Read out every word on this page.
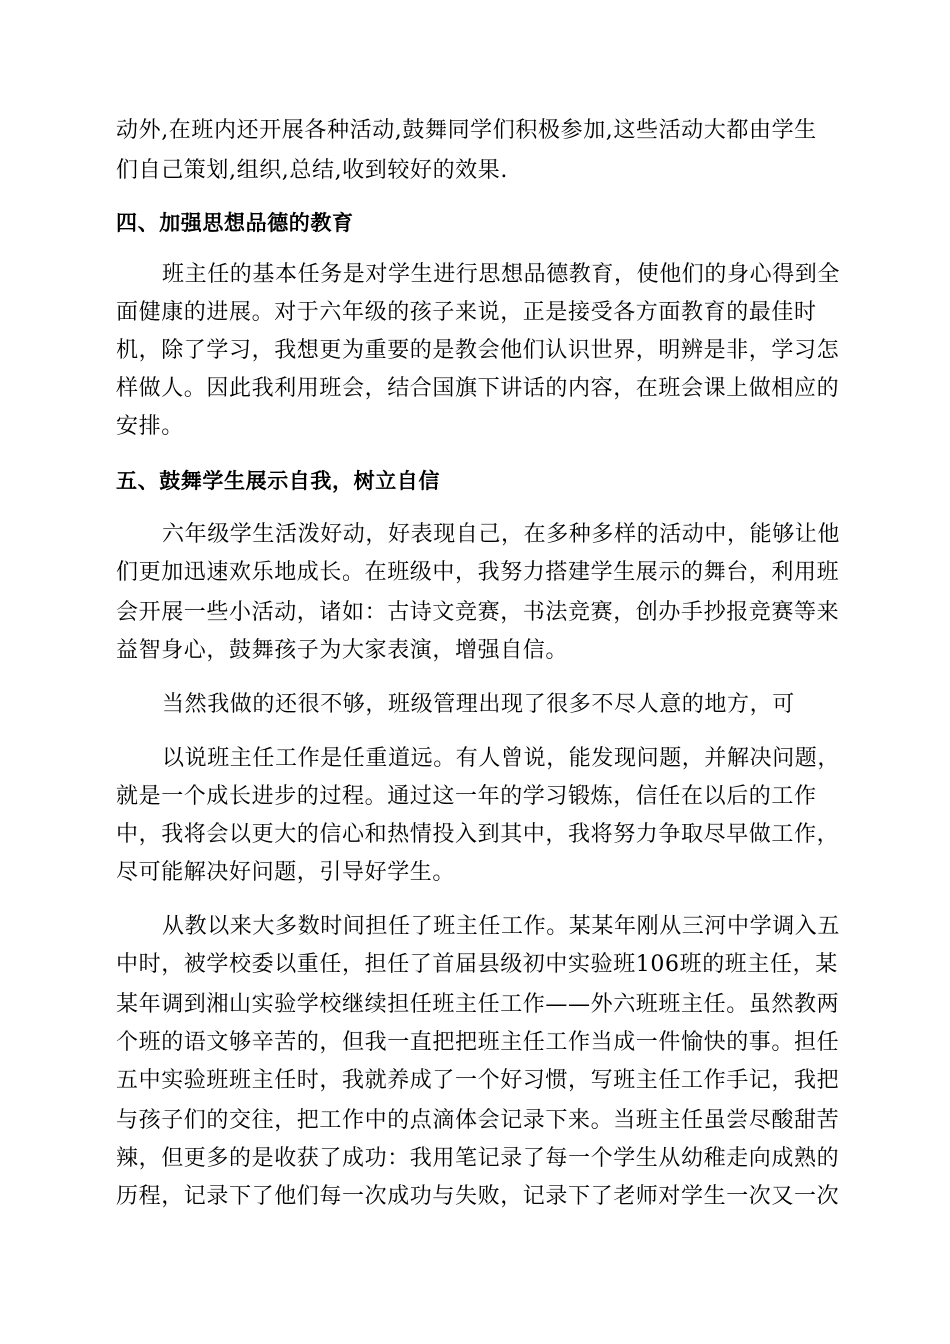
动外,在班内还开展各种活动,鼓舞同学们积极参加,这些活动大都由学生
们自己策划,组织,总结,收到较好的效果.
四、加强思想品德的教育
班主任的基本任务是对学生进行思想品德教育，使他们的身心得到全
面健康的进展。对于六年级的孩子来说，正是接受各方面教育的最佳时
机，除了学习，我想更为重要的是教会他们认识世界，明辨是非，学习怎
样做人。因此我利用班会，结合国旗下讲话的内容，在班会课上做相应的
安排。
五、鼓舞学生展示自我，树立自信
六年级学生活泼好动，好表现自己，在多种多样的活动中，能够让他
们更加迅速欢乐地成长。在班级中，我努力搭建学生展示的舞台，利用班
会开展一些小活动，诸如：古诗文竞赛，书法竞赛，创办手抄报竞赛等来
益智身心，鼓舞孩子为大家表演，增强自信。
当然我做的还很不够，班级管理出现了很多不尽人意的地方，可
以说班主任工作是任重道远。有人曾说，能发现问题，并解决问题，
就是一个成长进步的过程。通过这一年的学习锻炼，信任在以后的工作
中，我将会以更大的信心和热情投入到其中，我将努力争取尽早做工作，
尽可能解决好问题，引导好学生。
从教以来大多数时间担任了班主任工作。某某年刚从三河中学调入五
中时，被学校委以重任，担任了首届县级初中实验班106班的班主任，某
某年调到湘山实验学校继续担任班主任工作——外六班班主任。虽然教两
个班的语文够辛苦的，但我一直把把班主任工作当成一件愉快的事。担任
五中实验班班主任时，我就养成了一个好习惯，写班主任工作手记，我把
与孩子们的交往，把工作中的点滴体会记录下来。当班主任虽尝尽酸甜苦
辣，但更多的是收获了成功：我用笔记录了每一个学生从幼稚走向成熟的
历程，记录下了他们每一次成功与失败，记录下了老师对学生一次又一次
